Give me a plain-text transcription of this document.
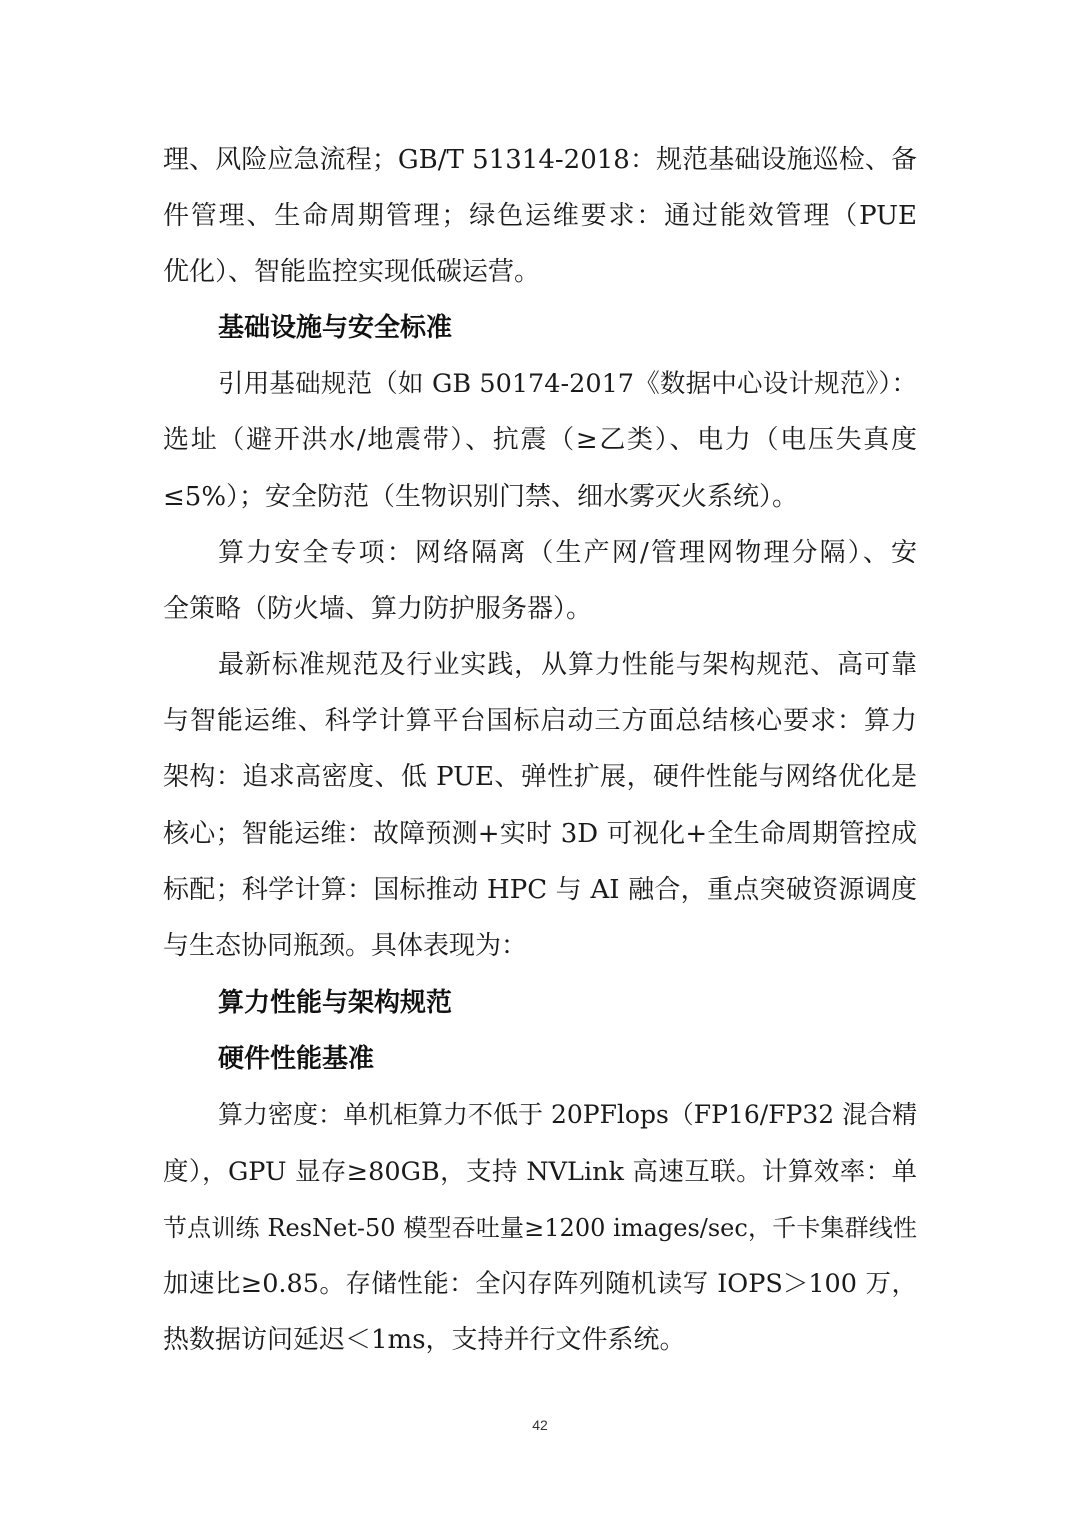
理、风险应急流程；GB/T 51314-2018：规范基础设施巡检、备
件管理、生命周期管理；绿色运维要求：通过能效管理（PUE
优化）、智能监控实现低碳运营。
基础设施与安全标准
引用基础规范（如 GB 50174-2017《数据中心设计规范》）：
选址（避开洪水/地震带）、抗震（≥乙类）、电力（电压失真度
≤5%）；安全防范（生物识别门禁、细水雾灭火系统）。
算力安全专项：网络隔离（生产网/管理网物理分隔）、安
全策略（防火墙、算力防护服务器）。
最新标准规范及行业实践，从算力性能与架构规范、高可靠
与智能运维、科学计算平台国标启动三方面总结核心要求：算力
架构：追求高密度、低 PUE、弹性扩展，硬件性能与网络优化是
核心；智能运维：故障预测+实时 3D 可视化+全生命周期管控成
标配；科学计算：国标推动 HPC 与 AI 融合，重点突破资源调度
与生态协同瓶颈。具体表现为：
算力性能与架构规范
硬件性能基准
算力密度：单机柜算力不低于 20PFlops（FP16/FP32 混合精
度），GPU 显存≥80GB，支持 NVLink 高速互联。计算效率：单
节点训练 ResNet-50 模型吞吐量≥1200 images/sec，千卡集群线性
加速比≥0.85。存储性能：全闪存阵列随机读写 IOPS＞100 万，
热数据访问延迟＜1ms，支持并行文件系统。
42
